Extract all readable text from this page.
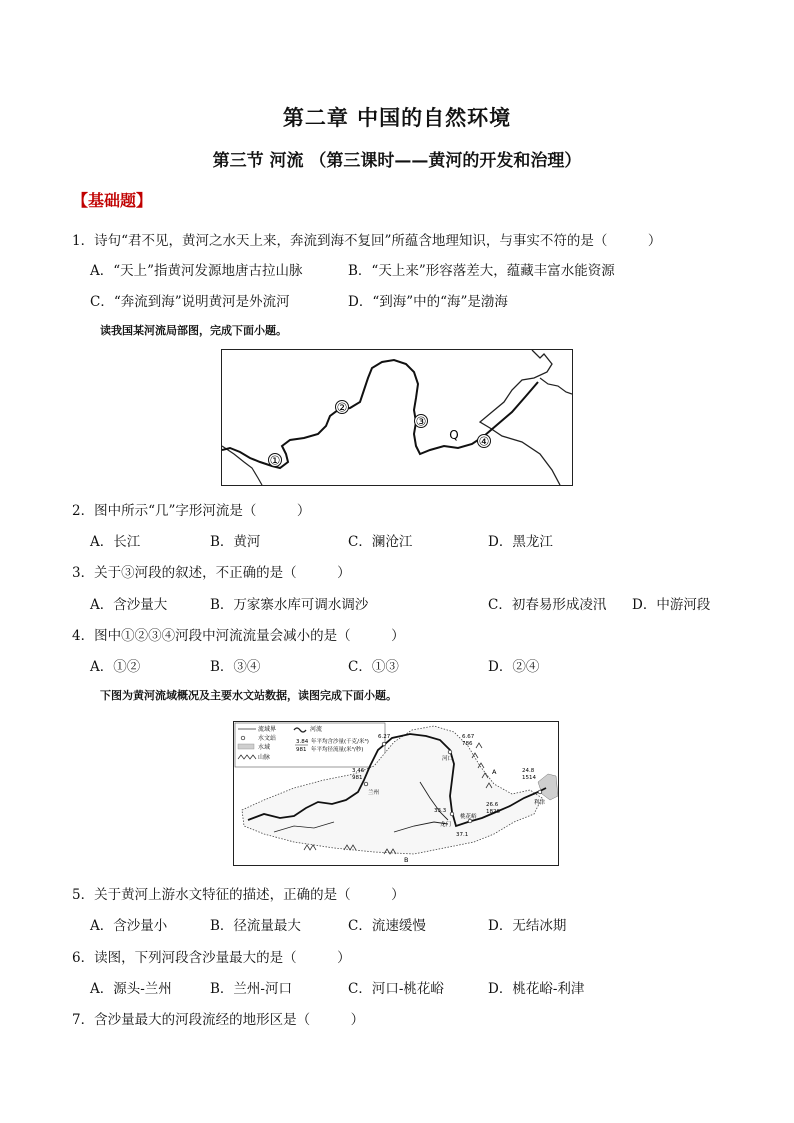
第二章 中国的自然环境
第三节 河流 （第三课时——黄河的开发和治理）
【基础题】
1．诗句“君不见，黄河之水天上来，奔流到海不复回”所蕴含地理知识，与事实不符的是（　　　）
A．“天上”指黄河发源地唐古拉山脉	B．“天上来”形容落差大，蕴藏丰富水能资源
C．“奔流到海”说明黄河是外流河	D．“到海”中的“海”是渤海
读我国某河流局部图，完成下面小题。
①
②
③
Q ④
2．图中所示“几”字形河流是（　　　）
A．长江	B．黄河	C．澜沧江	D．黑龙江
3．关于③河段的叙述，不正确的是（　　　）
A．含沙量大	B．万家寨水库可调水调沙	C．初春易形成凌汛 D．中游河段
4．图中①②③④河段中河流流量会减小的是（　　　）
A．①②	B．③④	C．①③	D．②④
下图为黄河流域概况及主要水文站数据，读图完成下面小题。
流域界	河流
水文站
水域
山脉
3.84
981
年平均含沙量(千克/米³)
年平均径流量(米³/秒)
兰州
3.46
981
6.27
河口
6.67
786
33.3
龙门
桃花峪
26.6
1820
37.1
24.8
1514
利津
A
B
5．关于黄河上游水文特征的描述，正确的是（　　　）
A．含沙量小	B．径流量最大	C．流速缓慢	D．无结冰期
6．读图，下列河段含沙量最大的是（　　　）
A．源头-兰州	B．兰州-河口	C．河口-桃花峪	D．桃花峪-利津
7．含沙量最大的河段流经的地形区是（　　　）
